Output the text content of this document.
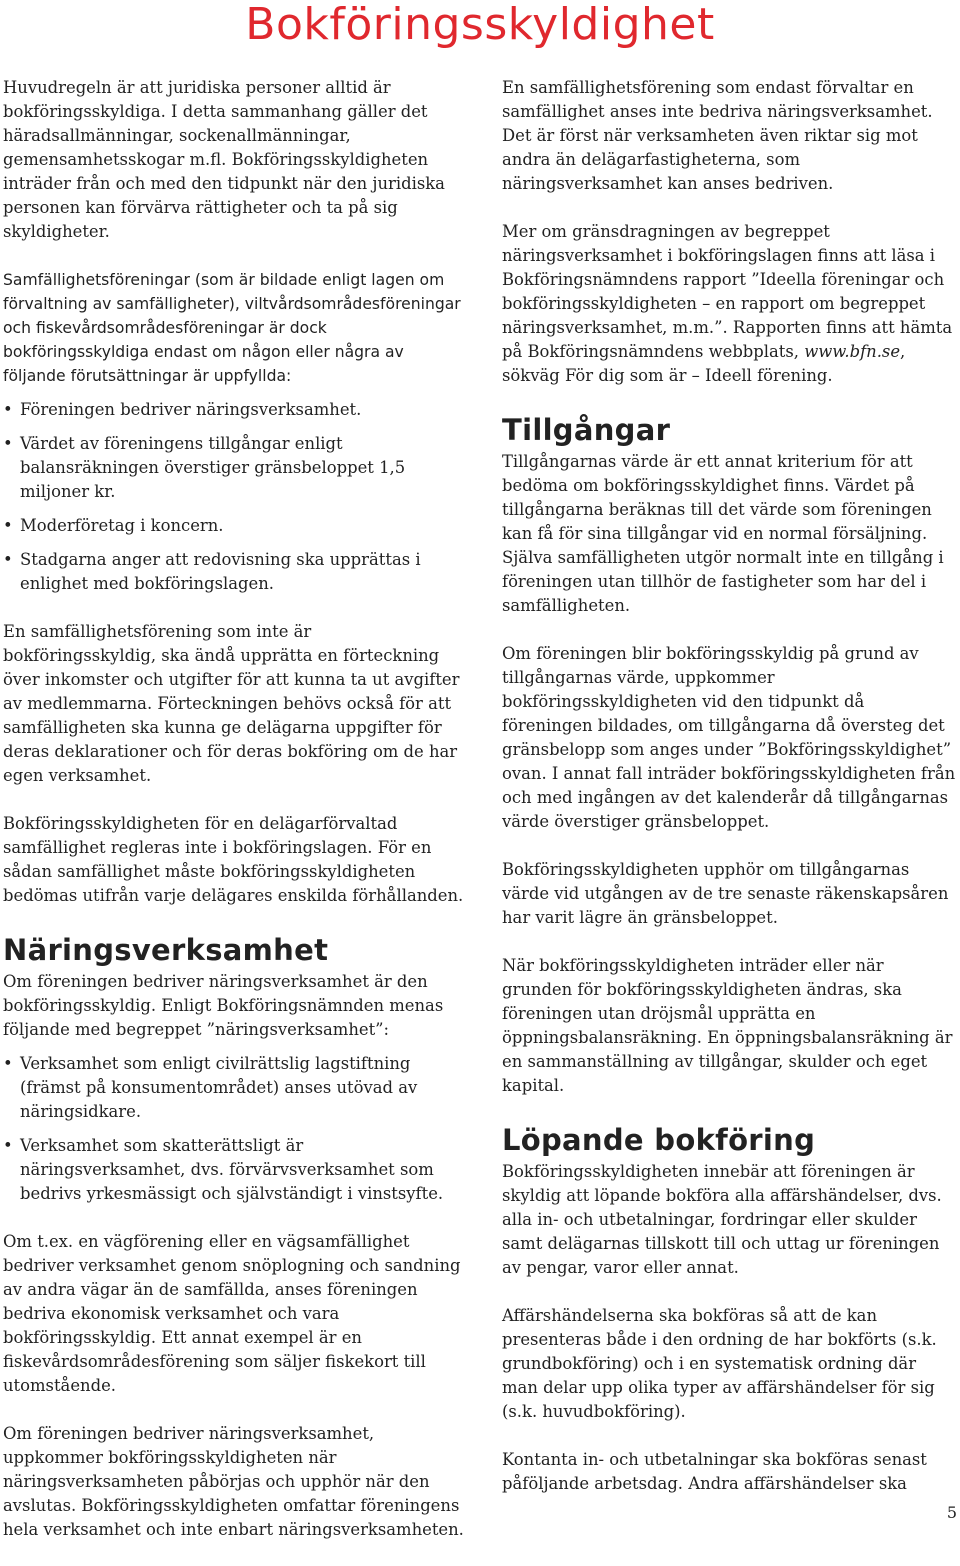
Bokföringsskyldighet

Huvudregeln är att juridiska personer alltid är bokföringsskyldiga. I detta sammanhang gäller det häradsallmänningar, sockenallmänningar, gemensamhetsskogar m.fl. Bokföringsskyldigheten inträder från och med den tidpunkt när den juridiska personen kan förvärva rättigheter och ta på sig skyldigheter.

Samfällighetsföreningar (som är bildade enligt lagen om förvaltning av samfälligheter), viltvårdsområdesföreningar och fiskevårdsområdesföreningar är dock bokföringsskyldiga endast om någon eller några av följande förutsättningar är uppfyllda:

• Föreningen bedriver näringsverksamhet.
• Värdet av föreningens tillgångar enligt balansräkningen överstiger gränsbeloppet 1,5 miljoner kr.
• Moderföretag i koncern.
• Stadgarna anger att redovisning ska upprättas i enlighet med bokföringslagen.

En samfällighetsförening som inte är bokföringsskyldig, ska ändå upprätta en förteckning över inkomster och utgifter för att kunna ta ut avgifter av medlemmarna. Förteckningen behövs också för att samfälligheten ska kunna ge delägarna uppgifter för deras deklarationer och för deras bokföring om de har egen verksamhet.

Bokföringsskyldigheten för en delägarförvaltad samfällighet regleras inte i bokföringslagen. För en sådan samfällighet måste bokföringsskyldigheten bedömas utifrån varje delägares enskilda förhållanden.

Näringsverksamhet

Om föreningen bedriver näringsverksamhet är den bokföringsskyldig. Enligt Bokföringsnämnden menas följande med begreppet ”näringsverksamhet”:

• Verksamhet som enligt civilrättslig lagstiftning (främst på konsumentområdet) anses utövad av näringsidkare.
• Verksamhet som skatterättsligt är näringsverksamhet, dvs. förvärvsverksamhet som bedrivs yrkesmässigt och självständigt i vinstsyfte.

Om t.ex. en vägförening eller en vägsamfällighet bedriver verksamhet genom snöplogning och sandning av andra vägar än de samfällda, anses föreningen bedriva ekonomisk verksamhet och vara bokföringsskyldig. Ett annat exempel är en fiskevårdsområdesförening som säljer fiskekort till utomstående.

Om föreningen bedriver näringsverksamhet, uppkommer bokföringsskyldigheten när näringsverksamheten påbörjas och upphör när den avslutas. Bokföringsskyldigheten omfattar föreningens hela verksamhet och inte enbart näringsverksamheten.

En samfällighetsförening som endast förvaltar en samfällighet anses inte bedriva näringsverksamhet. Det är först när verksamheten även riktar sig mot andra än delägarfastigheterna, som näringsverksamhet kan anses bedriven.

Mer om gränsdragningen av begreppet näringsverksamhet i bokföringslagen finns att läsa i Bokföringsnämndens rapport ”Ideella föreningar och bokföringsskyldigheten – en rapport om begreppet näringsverksamhet, m.m.”. Rapporten finns att hämta på Bokföringsnämndens webbplats, www.bfn.se, sökväg För dig som är – Ideell förening.

Tillgångar

Tillgångarnas värde är ett annat kriterium för att bedöma om bokföringsskyldighet finns. Värdet på tillgångarna beräknas till det värde som föreningen kan få för sina tillgångar vid en normal försäljning. Själva samfälligheten utgör normalt inte en tillgång i föreningen utan tillhör de fastigheter som har del i samfälligheten.

Om föreningen blir bokföringsskyldig på grund av tillgångarnas värde, uppkommer bokföringsskyldigheten vid den tidpunkt då föreningen bildades, om tillgångarna då översteg det gränsbelopp som anges under ”Bokföringsskyldighet” ovan. I annat fall inträder bokföringsskyldigheten från och med ingången av det kalenderår då tillgångarnas värde överstiger gränsbeloppet.

Bokföringsskyldigheten upphör om tillgångarnas värde vid utgången av de tre senaste räkenskapsåren har varit lägre än gränsbeloppet.

När bokföringsskyldigheten inträder eller när grunden för bokföringsskyldigheten ändras, ska föreningen utan dröjsmål upprätta en öppningsbalansräkning. En öppningsbalansräkning är en sammanställning av tillgångar, skulder och eget kapital.

Löpande bokföring

Bokföringsskyldigheten innebär att föreningen är skyldig att löpande bokföra alla affärshändelser, dvs. alla in- och utbetalningar, fordringar eller skulder samt delägarnas tillskott till och uttag ur föreningen av pengar, varor eller annat.

Affärshändelserna ska bokföras så att de kan presenteras både i den ordning de har bokförts (s.k. grundbokföring) och i en systematisk ordning där man delar upp olika typer av affärshändelser för sig (s.k. huvudbokföring).

Kontanta in- och utbetalningar ska bokföras senast påföljande arbetsdag. Andra affärshändelser ska

5
